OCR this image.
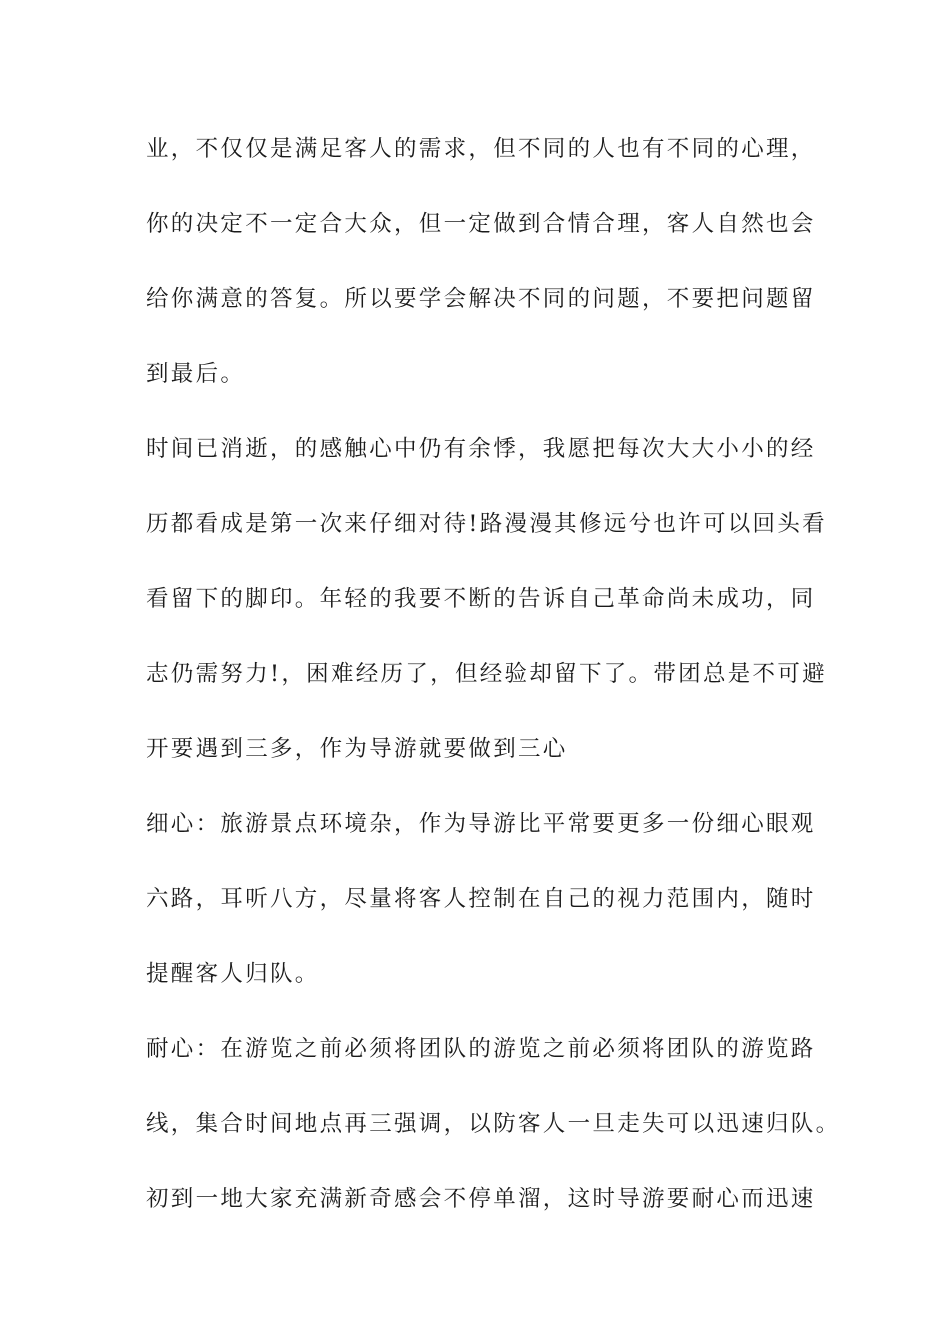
业，不仅仅是满足客人的需求，但不同的人也有不同的心理，
你的决定不一定合大众，但一定做到合情合理，客人自然也会
给你满意的答复。所以要学会解决不同的问题，不要把问题留
到最后。
时间已消逝，的感触心中仍有余悸，我愿把每次大大小小的经
历都看成是第一次来仔细对待!路漫漫其修远兮也许可以回头看
看留下的脚印。年轻的我要不断的告诉自己革命尚未成功，同
志仍需努力!，困难经历了，但经验却留下了。带团总是不可避
开要遇到三多，作为导游就要做到三心
细心：旅游景点环境杂，作为导游比平常要更多一份细心眼观
六路，耳听八方，尽量将客人控制在自己的视力范围内，随时
提醒客人归队。
耐心：在游览之前必须将团队的游览之前必须将团队的游览路
线，集合时间地点再三强调，以防客人一旦走失可以迅速归队。
初到一地大家充满新奇感会不停单溜，这时导游要耐心而迅速
